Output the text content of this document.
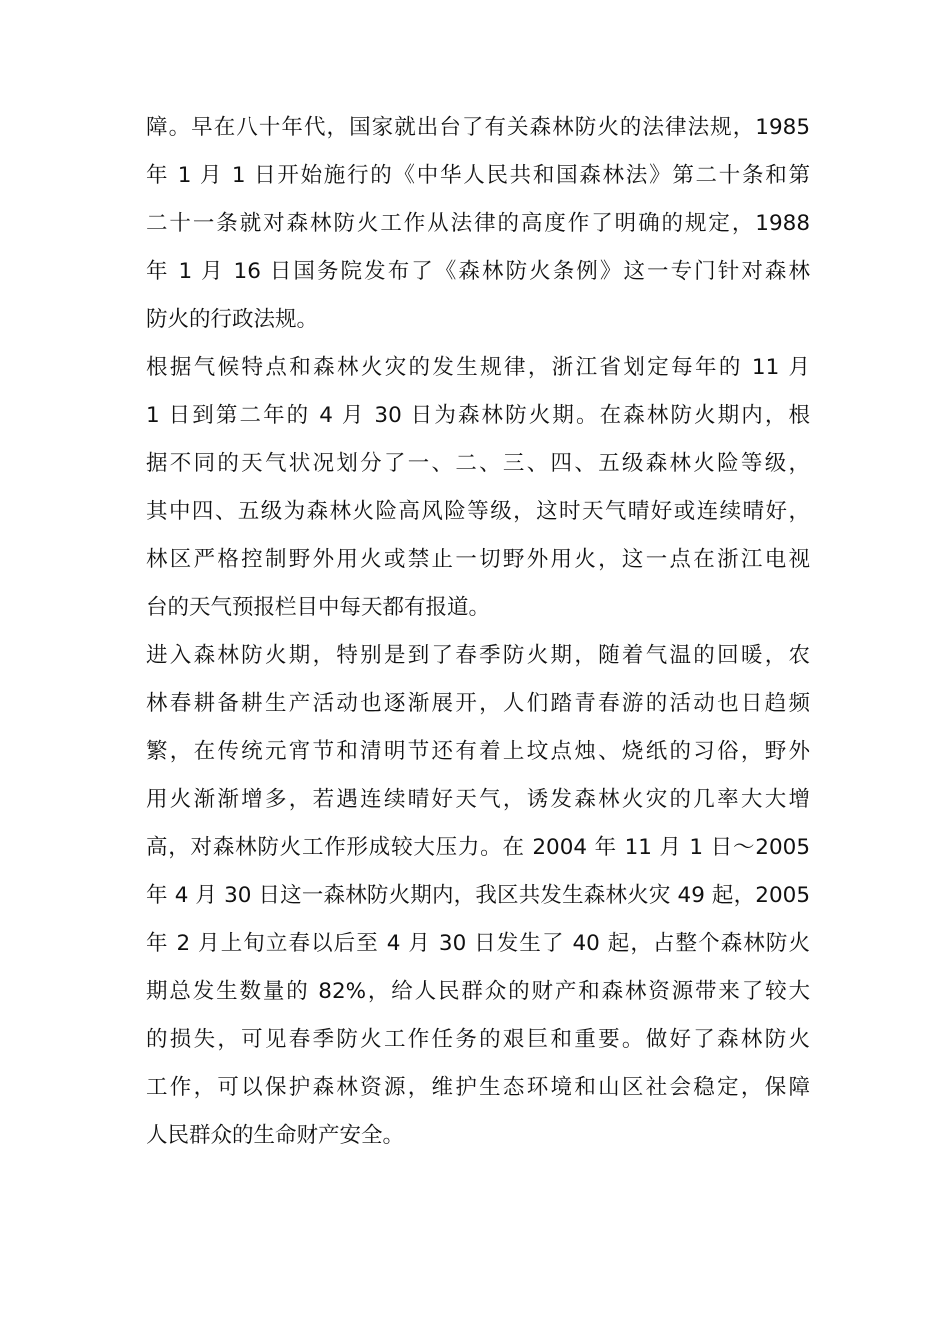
障。早在八十年代，国家就出台了有关森林防火的法律法规，1985
年 1 月 1 日开始施行的《中华人民共和国森林法》第二十条和第
二十一条就对森林防火工作从法律的高度作了明确的规定，1988
年 1 月 16 日国务院发布了《森林防火条例》这一专门针对森林
防火的行政法规。
根据气候特点和森林火灾的发生规律，浙江省划定每年的 11 月
1 日到第二年的 4 月 30 日为森林防火期。在森林防火期内，根
据不同的天气状况划分了一、二、三、四、五级森林火险等级，
其中四、五级为森林火险高风险等级，这时天气晴好或连续晴好，
林区严格控制野外用火或禁止一切野外用火，这一点在浙江电视
台的天气预报栏目中每天都有报道。
进入森林防火期，特别是到了春季防火期，随着气温的回暖，农
林春耕备耕生产活动也逐渐展开，人们踏青春游的活动也日趋频
繁，在传统元宵节和清明节还有着上坟点烛、烧纸的习俗，野外
用火渐渐增多，若遇连续晴好天气，诱发森林火灾的几率大大增
高，对森林防火工作形成较大压力。在 2004 年 11 月 1 日～2005
年 4 月 30 日这一森林防火期内，我区共发生森林火灾 49 起，2005
年 2 月上旬立春以后至 4 月 30 日发生了 40 起，占整个森林防火
期总发生数量的 82%，给人民群众的财产和森林资源带来了较大
的损失，可见春季防火工作任务的艰巨和重要。做好了森林防火
工作，可以保护森林资源，维护生态环境和山区社会稳定，保障
人民群众的生命财产安全。
